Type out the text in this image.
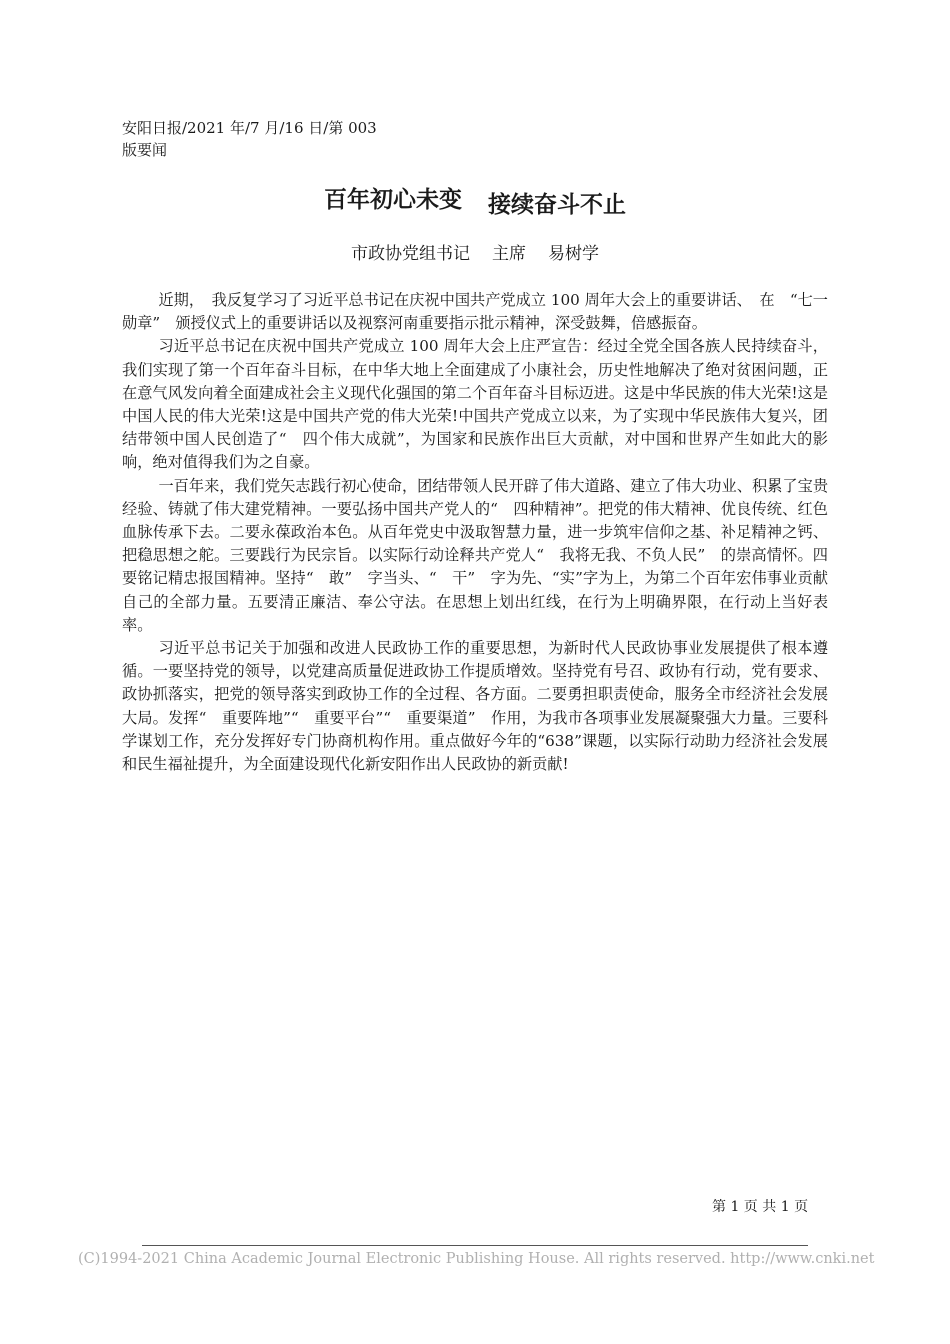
安阳日报/2021 年/7 月/16 日/第 003
版要闻
百年初心未变 接续奋斗不止
市政协党组书记 主席 易树学

近期，　我反复学习了习近平总书记在庆祝中国共产党成立 100 周年大会上的重要讲话、　在　“七一勋章”　颁授仪式上的重要讲话以及视察河南重要指示批示精神，深受鼓舞，倍感振奋。

习近平总书记在庆祝中国共产党成立 100 周年大会上庄严宣告：经过全党全国各族人民持续奋斗，我们实现了第一个百年奋斗目标，在中华大地上全面建成了小康社会，历史性地解决了绝对贫困问题，正在意气风发向着全面建成社会主义现代化强国的第二个百年奋斗目标迈进。这是中华民族的伟大光荣!这是中国人民的伟大光荣!这是中国共产党的伟大光荣!中国共产党成立以来，为了实现中华民族伟大复兴，团结带领中国人民创造了“　四个伟大成就”，为国家和民族作出巨大贡献，对中国和世界产生如此大的影响，绝对值得我们为之自豪。

一百年来，我们党矢志践行初心使命，团结带领人民开辟了伟大道路、建立了伟大功业、积累了宝贵经验、铸就了伟大建党精神。一要弘扬中国共产党人的“　四种精神”。把党的伟大精神、优良传统、红色血脉传承下去。二要永葆政治本色。从百年党史中汲取智慧力量，进一步筑牢信仰之基、补足精神之钙、把稳思想之舵。三要践行为民宗旨。以实际行动诠释共产党人“　我将无我、不负人民”　的崇高情怀。四要铭记精忠报国精神。坚持“　敢”　字当头、“　干”　字为先、“实”字为上，为第二个百年宏伟事业贡献自己的全部力量。五要清正廉洁、奉公守法。在思想上划出红线，在行为上明确界限，在行动上当好表率。

习近平总书记关于加强和改进人民政协工作的重要思想，为新时代人民政协事业发展提供了根本遵循。一要坚持党的领导，以党建高质量促进政协工作提质增效。坚持党有号召、政协有行动，党有要求、政协抓落实，把党的领导落实到政协工作的全过程、各方面。二要勇担职责使命，服务全市经济社会发展大局。发挥“　重要阵地”“　重要平台”“　重要渠道”　作用，为我市各项事业发展凝聚强大力量。三要科学谋划工作，充分发挥好专门协商机构作用。重点做好今年的“638”课题，以实际行动助力经济社会发展和民生福祉提升，为全面建设现代化新安阳作出人民政协的新贡献!

第 1 页 共 1 页
(C)1994-2021 China Academic Journal Electronic Publishing House. All rights reserved. http://www.cnki.net
